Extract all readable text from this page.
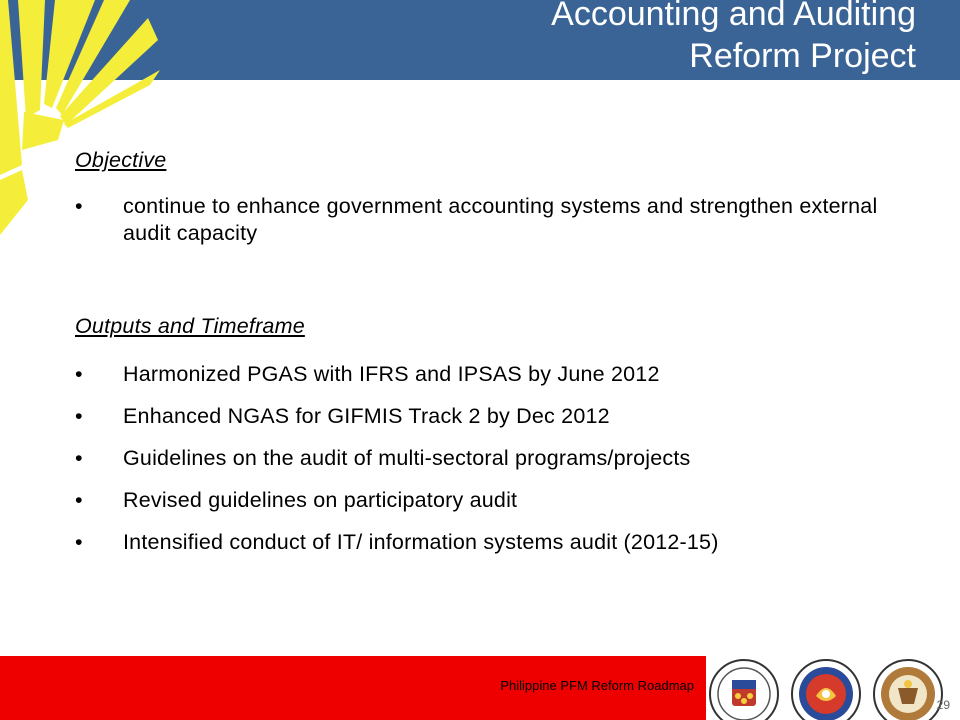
Accounting and Auditing
Reform Project
Objective
•	continue to enhance government accounting systems and strengthen external audit capacity
Outputs and Timeframe
•	Harmonized PGAS with IFRS and IPSAS by June 2012
•	Enhanced NGAS for GIFMIS Track 2 by Dec 2012
•	Guidelines on the audit of multi-sectoral programs/projects
•	Revised guidelines on participatory audit
•	Intensified conduct of IT/ information systems audit (2012-15)
Philippine PFM Reform Roadmap
29
